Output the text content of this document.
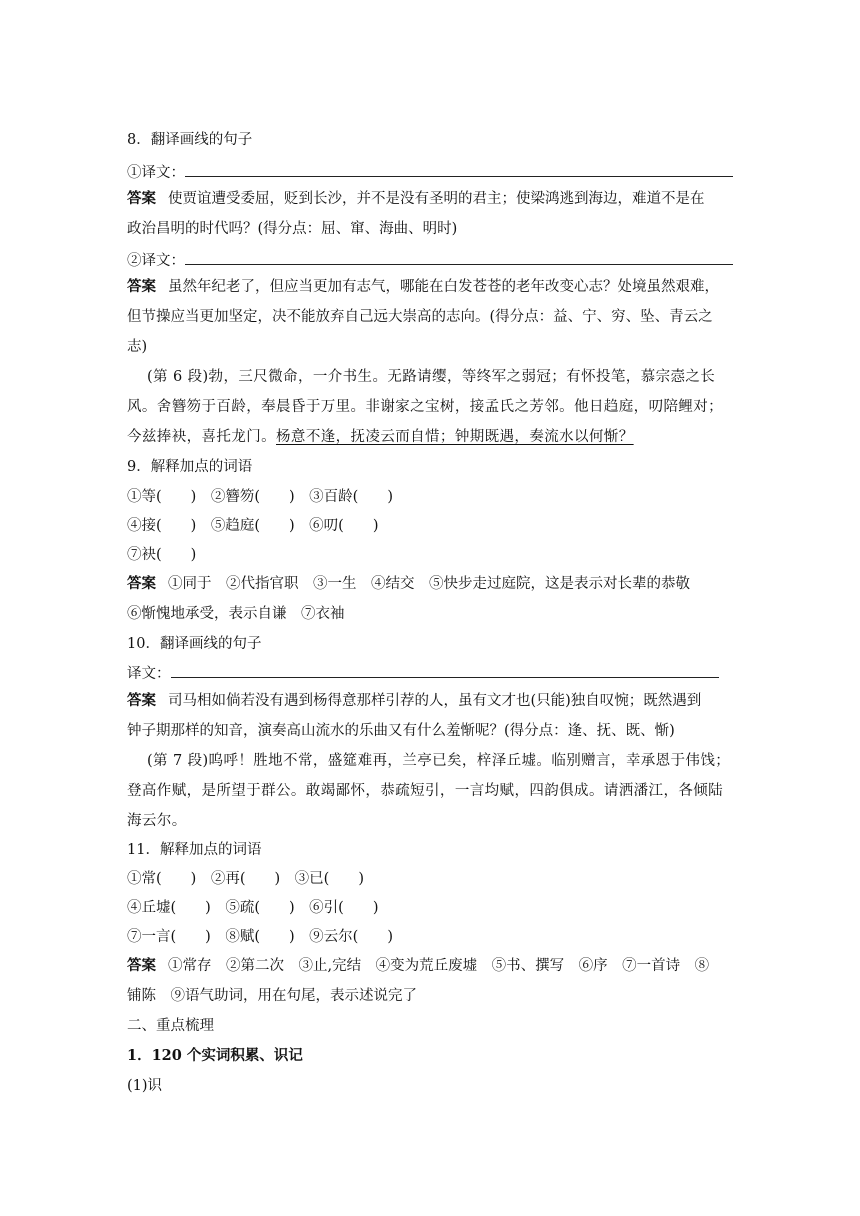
8．翻译画线的句子
①译文：
答案 使贾谊遭受委屈，贬到长沙，并不是没有圣明的君主；使梁鸿逃到海边，难道不是在
政治昌明的时代吗？(得分点：屈、窜、海曲、明时)
②译文：
答案 虽然年纪老了，但应当更加有志气，哪能在白发苍苍的老年改变心志？处境虽然艰难，
但节操应当更加坚定，决不能放弃自己远大崇高的志向。(得分点：益、宁、穷、坠、青云之
志)
(第 6 段)勃，三尺微命，一介书生。无路请缨，等终军之弱冠；有怀投笔，慕宗悫之长
风。舍簪笏于百龄，奉晨昏于万里。非谢家之宝树，接孟氏之芳邻。他日趋庭，叨陪鲤对；
今兹捧袂，喜托龙门。杨意不逢，抚凌云而自惜；钟期既遇，奏流水以何惭？
9．解释加点的词语
①等(　　)　 ②簪笏(　　)　 ③百龄(　　)
④接(　　)　 ⑤趋庭(　　)　 ⑥叨(　　)
⑦袂(　　)
答案 ①同于　②代指官职　③一生　④结交　⑤快步走过庭院，这是表示对长辈的恭敬
⑥惭愧地承受，表示自谦　⑦衣袖
10．翻译画线的句子
译文：
答案 司马相如倘若没有遇到杨得意那样引荐的人，虽有文才也(只能)独自叹惋；既然遇到
钟子期那样的知音，演奏高山流水的乐曲又有什么羞惭呢？(得分点：逢、抚、既、惭)
(第 7 段)呜呼！胜地不常，盛筵难再，兰亭已矣，梓泽丘墟。临别赠言，幸承恩于伟饯；
登高作赋，是所望于群公。敢竭鄙怀，恭疏短引，一言均赋，四韵俱成。请洒潘江，各倾陆
海云尔。
11．解释加点的词语
①常(　　)　 ②再(　　)　 ③已(　　)
④丘墟(　　)　 ⑤疏(　　)　 ⑥引(　　)
⑦一言(　　)　 ⑧赋(　　)　 ⑨云尔(　　)
答案 ①常存　②第二次　③止,完结　④变为荒丘废墟　⑤书、撰写　⑥序　⑦一首诗　⑧
铺陈　⑨语气助词，用在句尾，表示述说完了
二、重点梳理
1．120 个实词积累、识记
(1)识
